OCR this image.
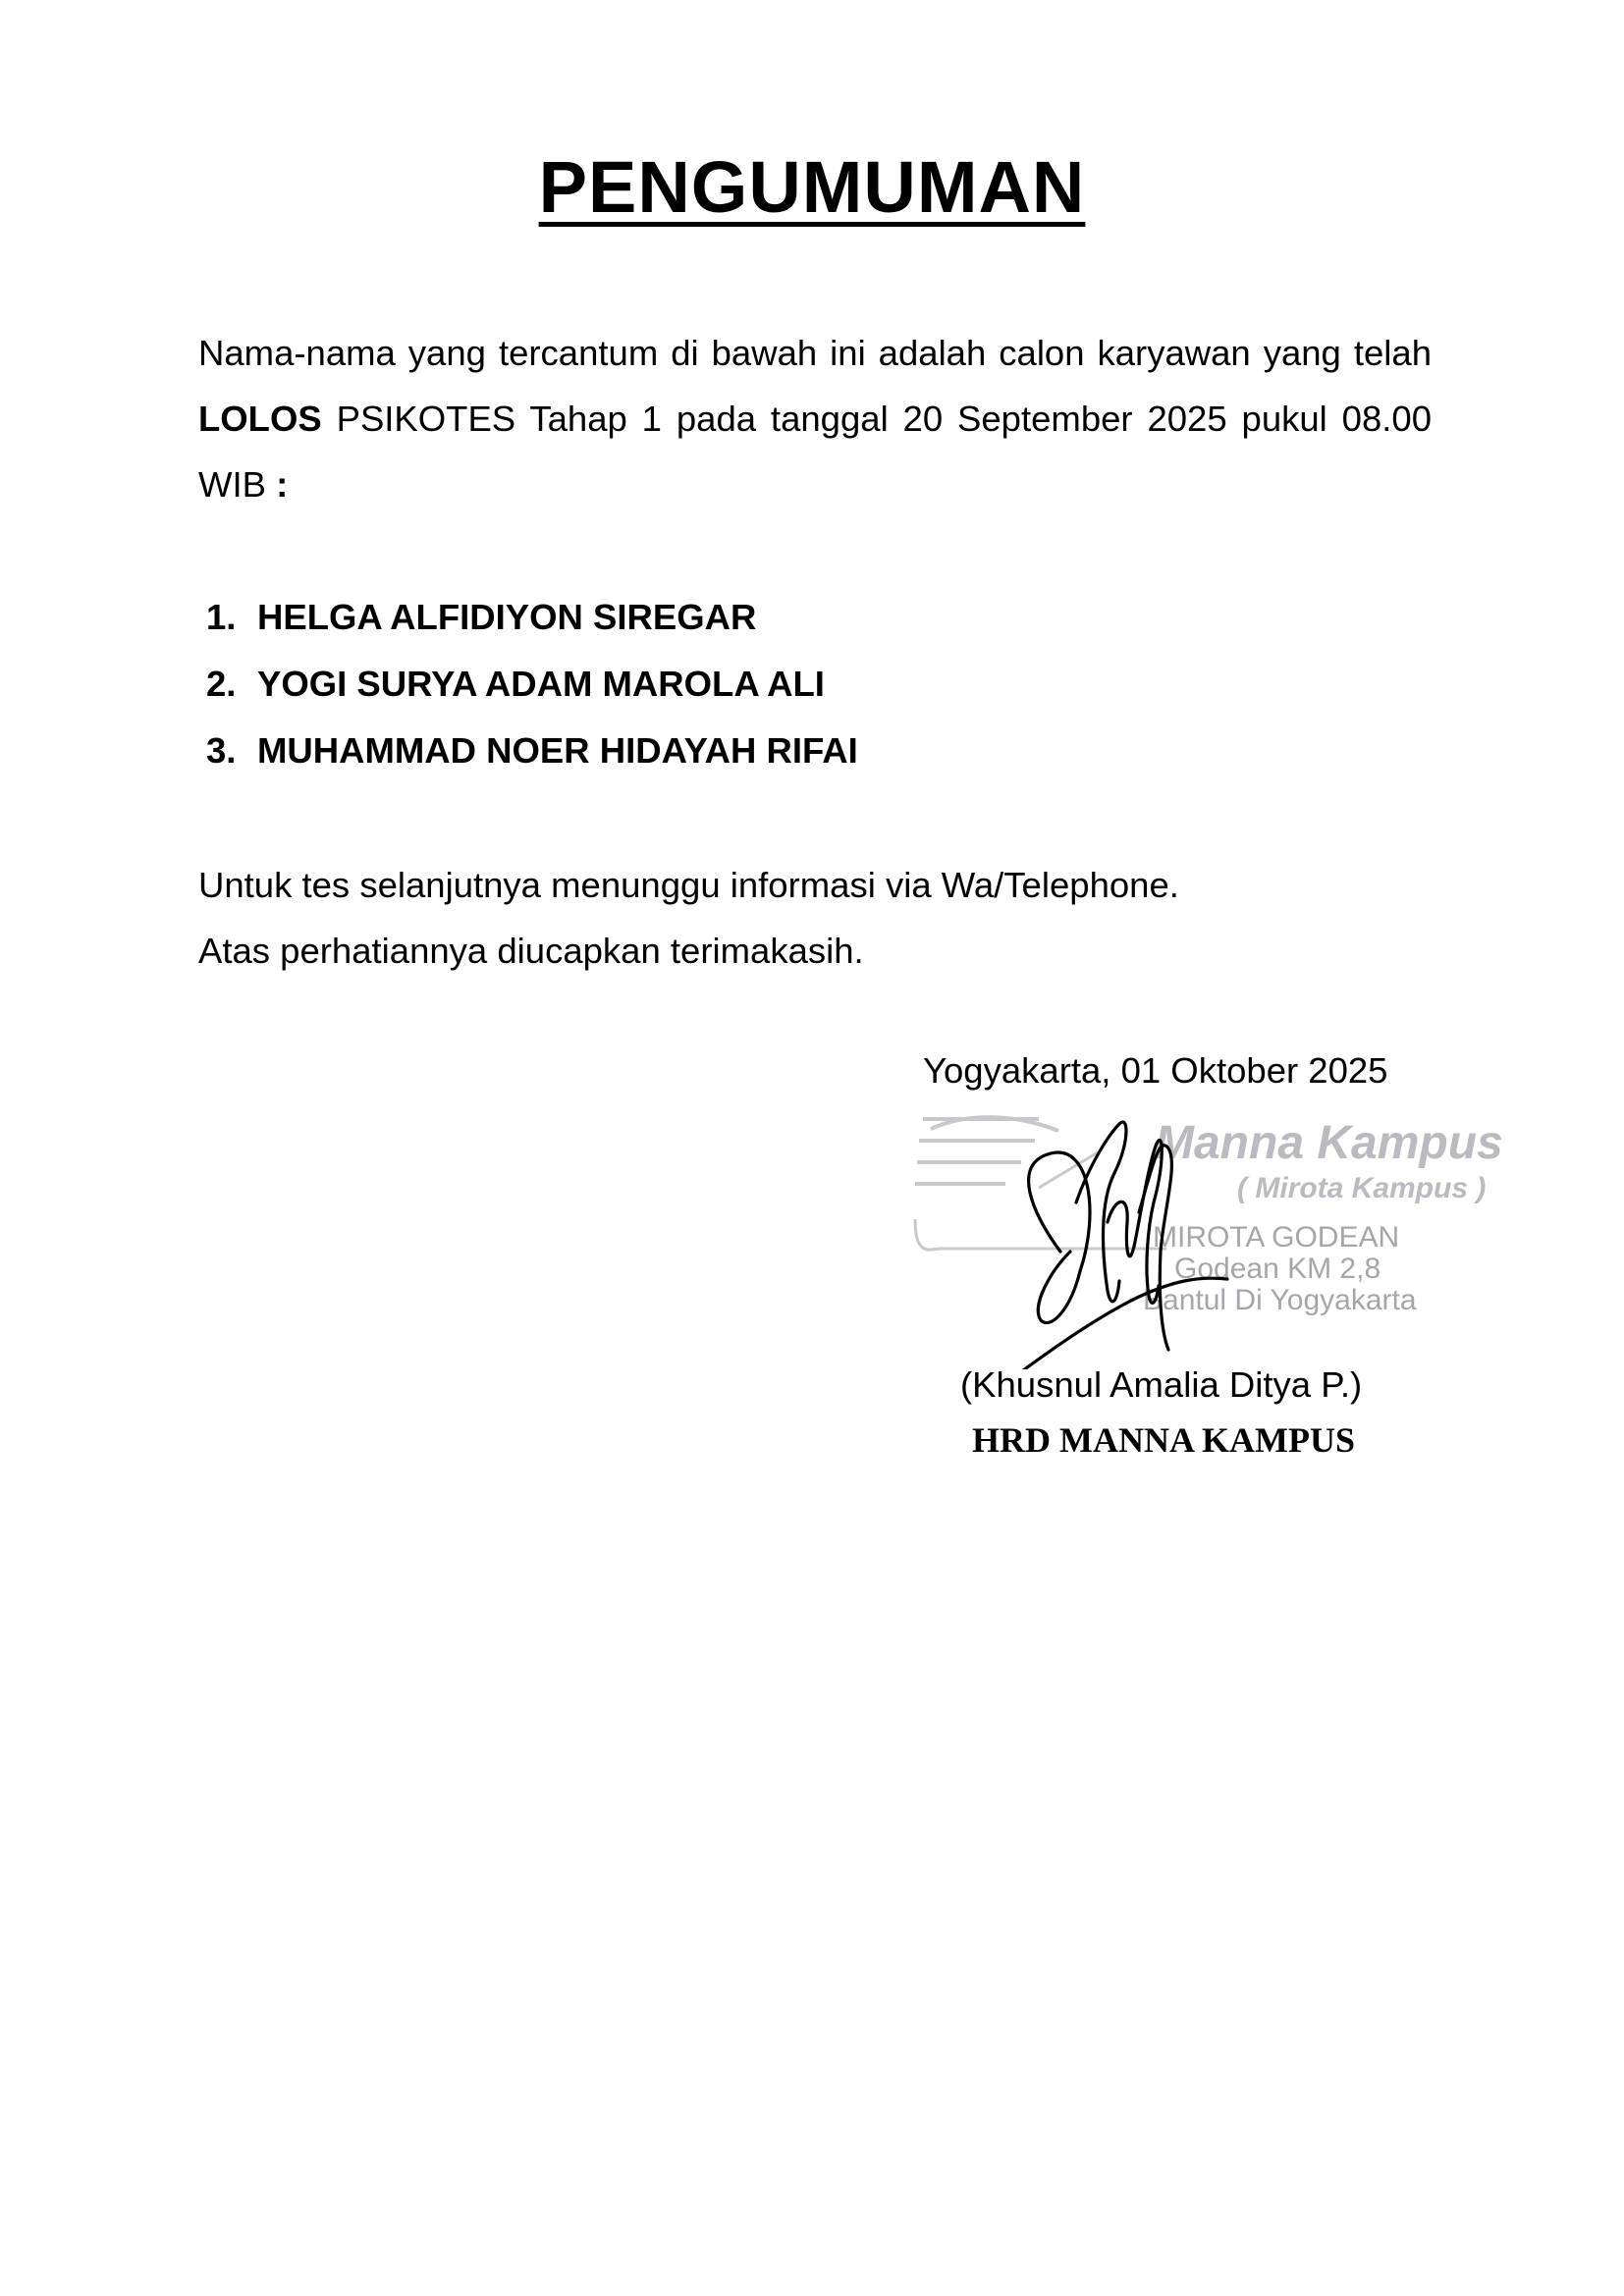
PENGUMUMAN

Nama-nama yang tercantum di bawah ini adalah calon karyawan yang telah LOLOS PSIKOTES Tahap 1 pada tanggal 20 September 2025 pukul 08.00 WIB :

1. HELGA ALFIDIYON SIREGAR
2. YOGI SURYA ADAM MAROLA ALI
3. MUHAMMAD NOER HIDAYAH RIFAI
Untuk tes selanjutnya menunggu informasi via Wa/Telephone.
Atas perhatiannya diucapkan terimakasih.
Yogyakarta, 01 Oktober 2025
Manna Kampus
( Mirota Kampus )
MIROTA GODEAN
Godean KM 2,8
Bantul Di Yogyakarta
(Khusnul Amalia Ditya P.)
HRD MANNA KAMPUS
